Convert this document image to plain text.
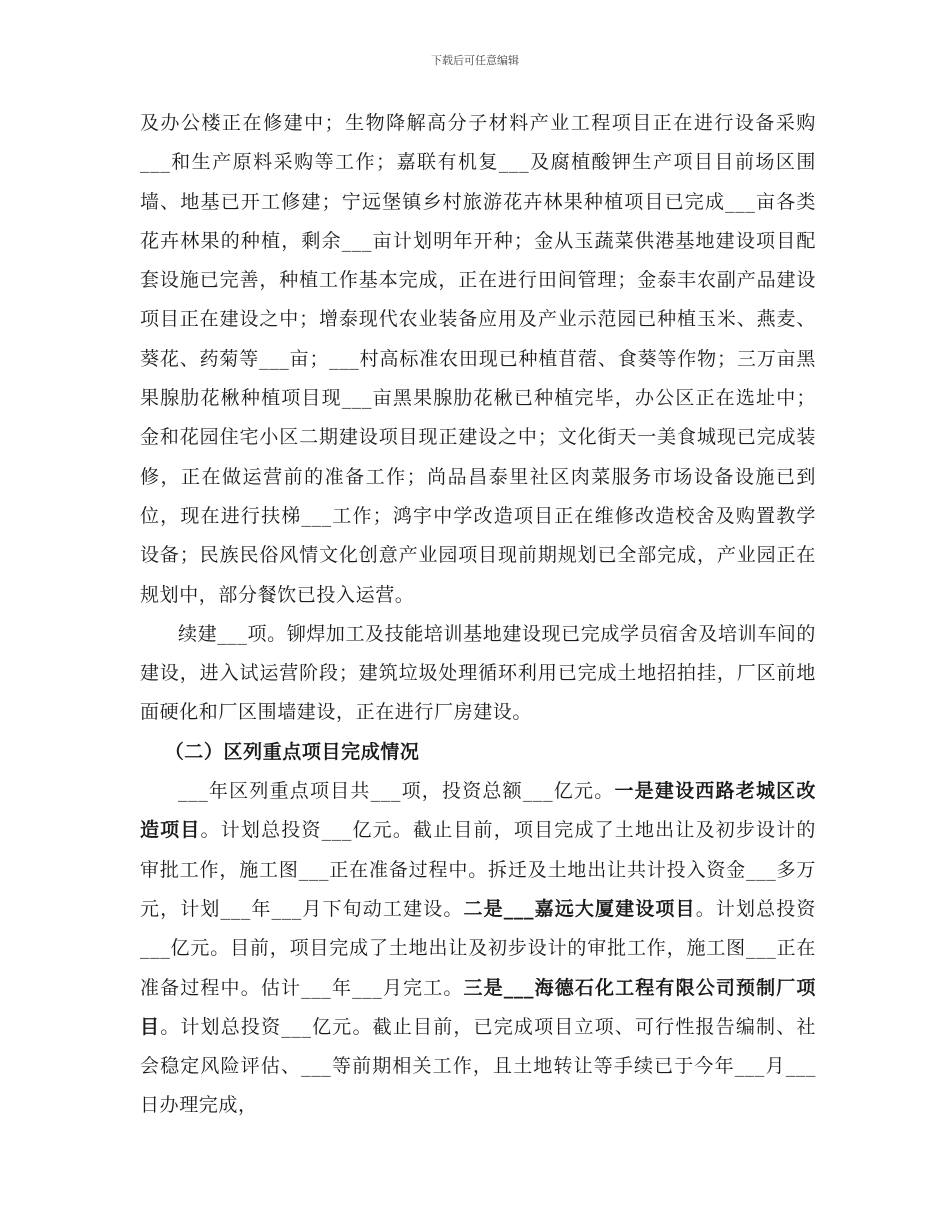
下载后可任意编辑

及办公楼正在修建中；生物降解高分子材料产业工程项目正在进行设备采购___和生产原料采购等工作；嘉联有机复___及腐植酸钾生产项目目前场区围墙、地基已开工修建；宁远堡镇乡村旅游花卉林果种植项目已完成___亩各类花卉林果的种植，剩余___亩计划明年开种；金从玉蔬菜供港基地建设项目配套设施已完善，种植工作基本完成，正在进行田间管理；金泰丰农副产品建设项目正在建设之中；增泰现代农业装备应用及产业示范园已种植玉米、燕麦、葵花、药菊等___亩；___村高标准农田现已种植苜蓿、食葵等作物；三万亩黑果腺肋花楸种植项目现___亩黑果腺肋花楸已种植完毕，办公区正在选址中；金和花园住宅小区二期建设项目现正建设之中；文化街天一美食城现已完成装修，正在做运营前的准备工作；尚品昌泰里社区肉菜服务市场设备设施已到位，现在进行扶梯___工作；鸿宇中学改造项目正在维修改造校舍及购置教学设备；民族民俗风情文化创意产业园项目现前期规划已全部完成，产业园正在规划中，部分餐饮已投入运营。

续建___项。铆焊加工及技能培训基地建设现已完成学员宿舍及培训车间的建设，进入试运营阶段；建筑垃圾处理循环利用已完成土地招拍挂，厂区前地面硬化和厂区围墙建设，正在进行厂房建设。

（二）区列重点项目完成情况

___年区列重点项目共___项，投资总额___亿元。一是建设西路老城区改造项目。计划总投资___亿元。截止目前，项目完成了土地出让及初步设计的审批工作，施工图___正在准备过程中。拆迁及土地出让共计投入资金___多万元，计划___年___月下旬动工建设。二是___嘉远大厦建设项目。计划总投资___亿元。目前，项目完成了土地出让及初步设计的审批工作，施工图___正在准备过程中。估计___年___月完工。三是___海德石化工程有限公司预制厂项目。计划总投资___亿元。截止目前，已完成项目立项、可行性报告编制、社会稳定风险评估、___等前期相关工作，且土地转让等手续已于今年___月___日办理完成，
